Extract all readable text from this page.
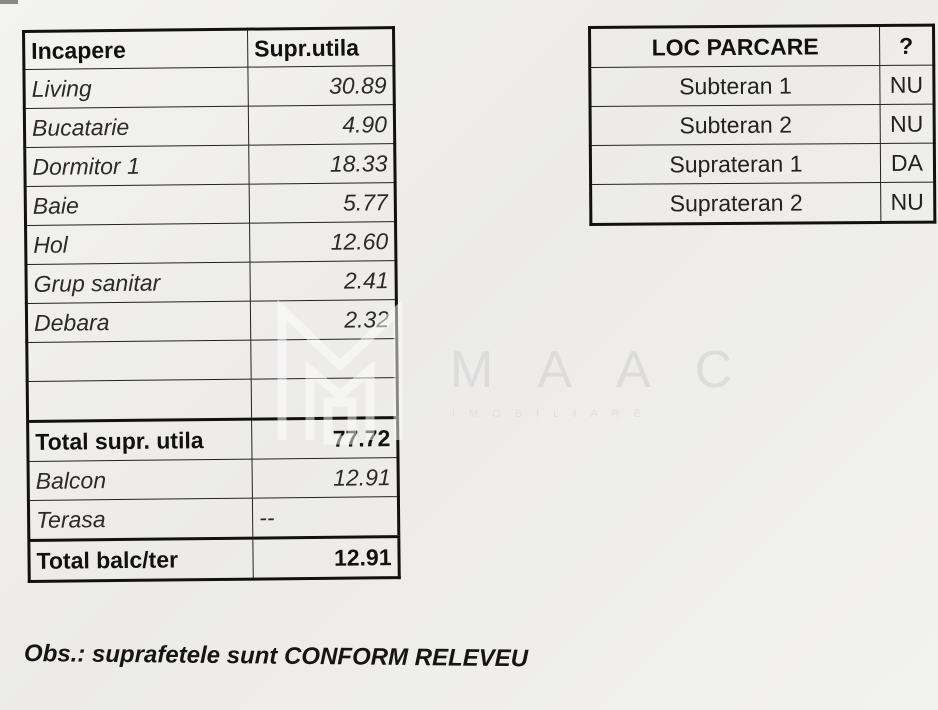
Incapere	Supr.utila
Living	30.89
Bucatarie	4.90
Dormitor 1	18.33
Baie	5.77
Hol	12.60
Grup sanitar	2.41
Debara	2.32

Total supr. utila	77.72
Balcon	12.91
Terasa	--
Total balc/ter	12.91
LOC PARCARE	?
Subteran 1	NU
Subteran 2	NU
Suprateran 1	DA
Suprateran 2	NU
Obs.: suprafetele sunt CONFORM RELEVEU
MAAC
IMOBILIARE
